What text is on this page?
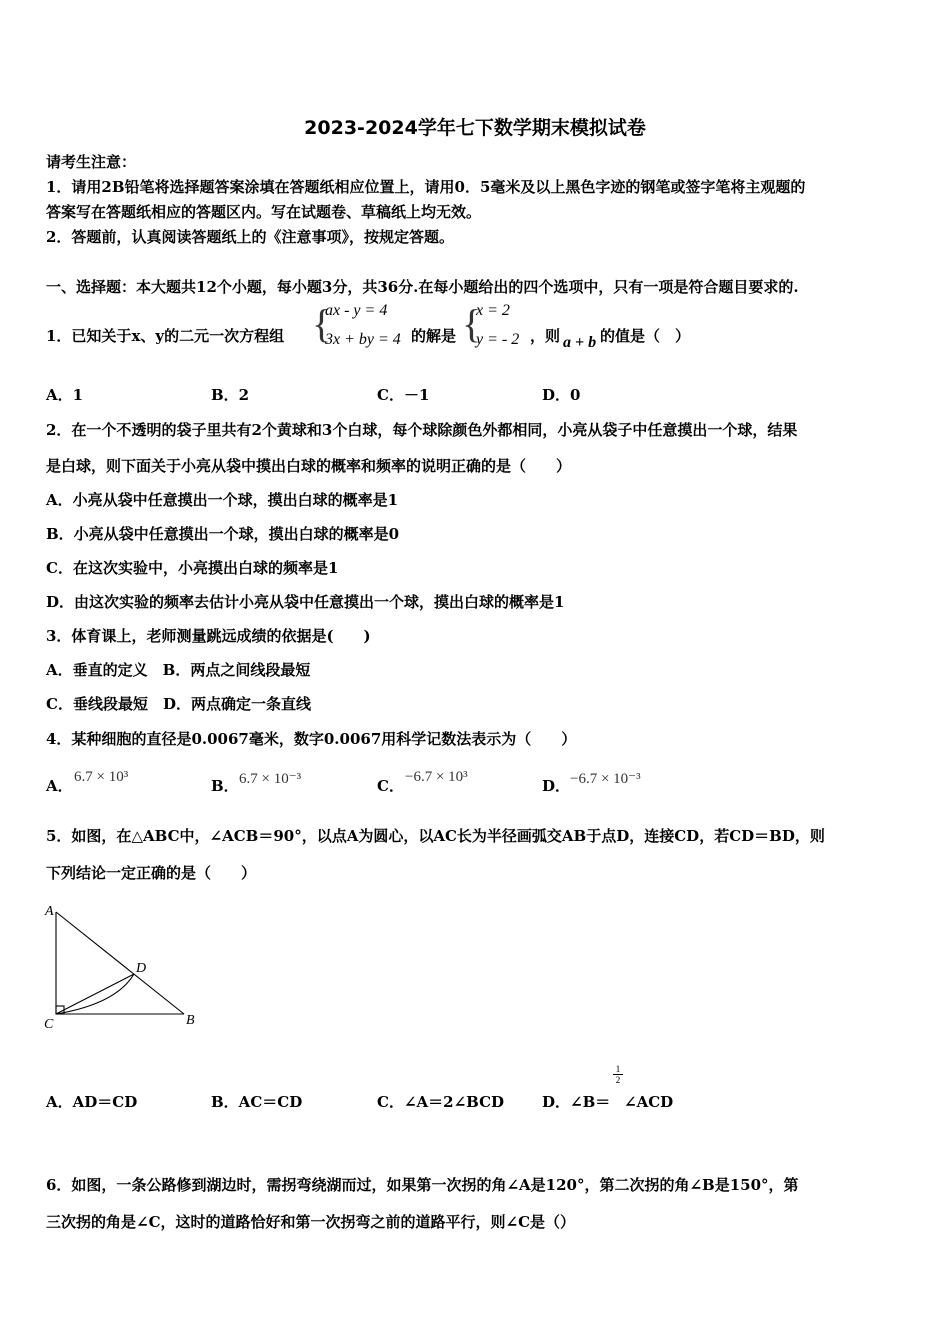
2023-2024学年七下数学期末模拟试卷
请考生注意：
1．请用2B铅笔将选择题答案涂填在答题纸相应位置上，请用0．5毫米及以上黑色字迹的钢笔或签字笔将主观题的
答案写在答题纸相应的答题区内。写在试题卷、草稿纸上均无效。
2．答题前，认真阅读答题纸上的《注意事项》，按规定答题。
一、选择题：本大题共12个小题，每小题3分，共36分.在每小题给出的四个选项中，只有一项是符合题目要求的.
1．已知关于x、y的二元一次方程组 {
ax - y = 4
3x + by = 4 的解是 {
x = 2
y = - 2 ，则 a + b 的值是（　）
A．1	B．2	C．－1	D．0
2．在一个不透明的袋子里共有2个黄球和3个白球，每个球除颜色外都相同，小亮从袋子中任意摸出一个球，结果
是白球，则下面关于小亮从袋中摸出白球的概率和频率的说明正确的是（　　）
A．小亮从袋中任意摸出一个球，摸出白球的概率是1
B．小亮从袋中任意摸出一个球，摸出白球的概率是0
C．在这次实验中，小亮摸出白球的频率是1
D．由这次实验的频率去估计小亮从袋中任意摸出一个球，摸出白球的概率是1
3．体育课上，老师测量跳远成绩的依据是(　　)
A．垂直的定义　B．两点之间线段最短
C．垂线段最短　D．两点确定一条直线
4．某种细胞的直径是0.0067毫米，数字0.0067用科学记数法表示为（　　）
A． 6.7 × 10³	B． 6.7 × 10⁻³	C． −6.7 × 10³	D． −6.7 × 10⁻³
5．如图，在△ABC中，∠ACB＝90°，以点A为圆心，以AC长为半径画弧交AB于点D，连接CD，若CD＝BD，则
下列结论一定正确的是（　　）
A
D
C	B
A．AD＝CD	B．AC＝CD	C．∠A＝2∠BCD	D．∠B＝
$\frac{1}{2}$
∠ACD
6．如图，一条公路修到湖边时，需拐弯绕湖而过，如果第一次拐的角∠A是120°，第二次拐的角∠B是150°，第
三次拐的角是∠C，这时的道路恰好和第一次拐弯之前的道路平行，则∠C是（）
